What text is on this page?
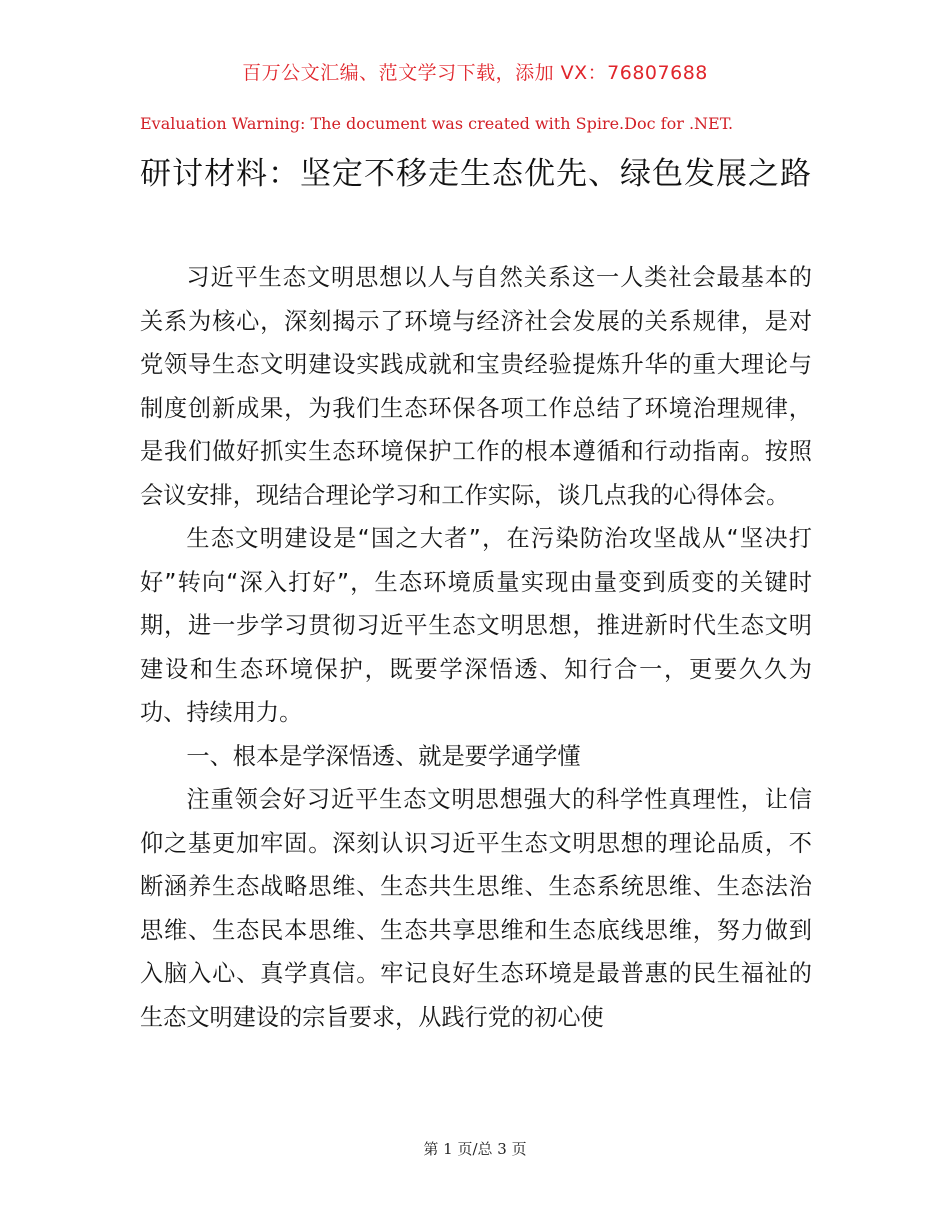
百万公文汇编、范文学习下载，添加 VX：76807688
Evaluation Warning: The document was created with Spire.Doc for .NET.
研讨材料：坚定不移走生态优先、绿色发展之路

习近平生态文明思想以人与自然关系这一人类社会最基本的关系为核心，深刻揭示了环境与经济社会发展的关系规律，是对党领导生态文明建设实践成就和宝贵经验提炼升华的重大理论与制度创新成果，为我们生态环保各项工作总结了环境治理规律，是我们做好抓实生态环境保护工作的根本遵循和行动指南。按照会议安排，现结合理论学习和工作实际，谈几点我的心得体会。

生态文明建设是“国之大者”，在污染防治攻坚战从“坚决打好”转向“深入打好”，生态环境质量实现由量变到质变的关键时期，进一步学习贯彻习近平生态文明思想，推进新时代生态文明建设和生态环境保护，既要学深悟透、知行合一，更要久久为功、持续用力。

一、根本是学深悟透、就是要学通学懂

注重领会好习近平生态文明思想强大的科学性真理性，让信仰之基更加牢固。深刻认识习近平生态文明思想的理论品质，不断涵养生态战略思维、生态共生思维、生态系统思维、生态法治思维、生态民本思维、生态共享思维和生态底线思维，努力做到入脑入心、真学真信。牢记良好生态环境是最普惠的民生福祉的生态文明建设的宗旨要求，从践行党的初心使

第 1 页/总 3 页
